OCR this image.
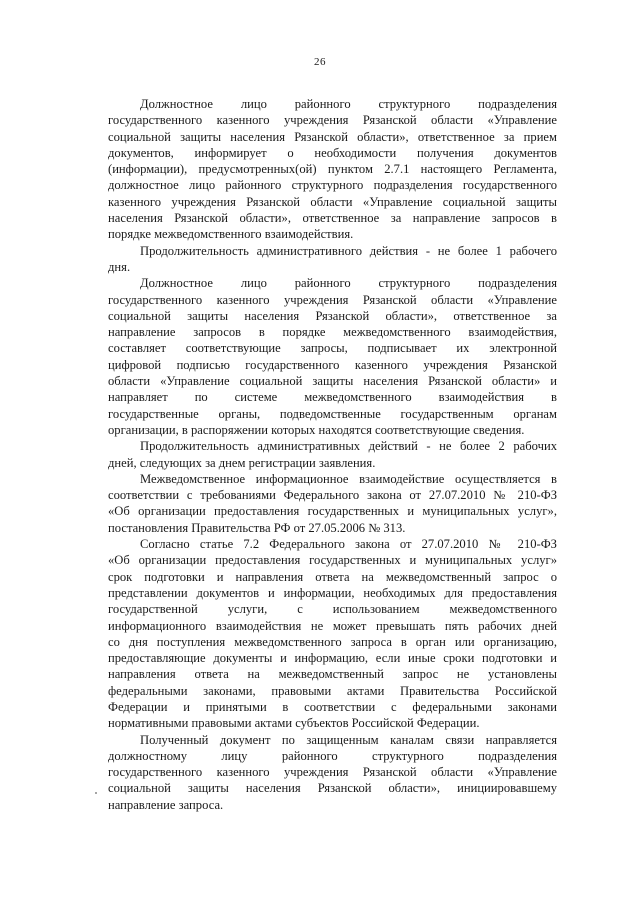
26
Должностное лицо районного структурного подразделения
государственного казенного учреждения Рязанской области «Управление
социальной защиты населения Рязанской области», ответственное за прием
документов, информирует о необходимости получения документов
(информации), предусмотренных(ой) пунктом 2.7.1 настоящего Регламента,
должностное лицо районного структурного подразделения государственного
казенного учреждения Рязанской области «Управление социальной защиты
населения Рязанской области», ответственное за направление запросов в
порядке межведомственного взаимодействия.
Продолжительность административного действия - не более 1 рабочего
дня.
Должностное лицо районного структурного подразделения
государственного казенного учреждения Рязанской области «Управление
социальной защиты населения Рязанской области», ответственное за
направление запросов в порядке межведомственного взаимодействия,
составляет соответствующие запросы, подписывает их электронной
цифровой подписью государственного казенного учреждения Рязанской
области «Управление социальной защиты населения Рязанской области» и
направляет по системе межведомственного взаимодействия в
государственные органы, подведомственные государственным органам
организации, в распоряжении которых находятся соответствующие сведения.
Продолжительность административных действий - не более 2 рабочих
дней, следующих за днем регистрации заявления.
Межведомственное информационное взаимодействие осуществляется в
соответствии с требованиями Федерального закона от 27.07.2010 № 210-ФЗ
«Об организации предоставления государственных и муниципальных услуг»,
постановления Правительства РФ от 27.05.2006 № 313.
Согласно статье 7.2 Федерального закона от 27.07.2010 № 210-ФЗ
«Об организации предоставления государственных и муниципальных услуг»
срок подготовки и направления ответа на межведомственный запрос о
представлении документов и информации, необходимых для предоставления
государственной услуги, с использованием межведомственного
информационного взаимодействия не может превышать пять рабочих дней
со дня поступления межведомственного запроса в орган или организацию,
предоставляющие документы и информацию, если иные сроки подготовки и
направления ответа на межведомственный запрос не установлены
федеральными законами, правовыми актами Правительства Российской
Федерации и принятыми в соответствии с федеральными законами
нормативными правовыми актами субъектов Российской Федерации.
Полученный документ по защищенным каналам связи направляется
должностному лицу районного структурного подразделения
государственного казенного учреждения Рязанской области «Управление
социальной защиты населения Рязанской области», инициировавшему
направление запроса.
